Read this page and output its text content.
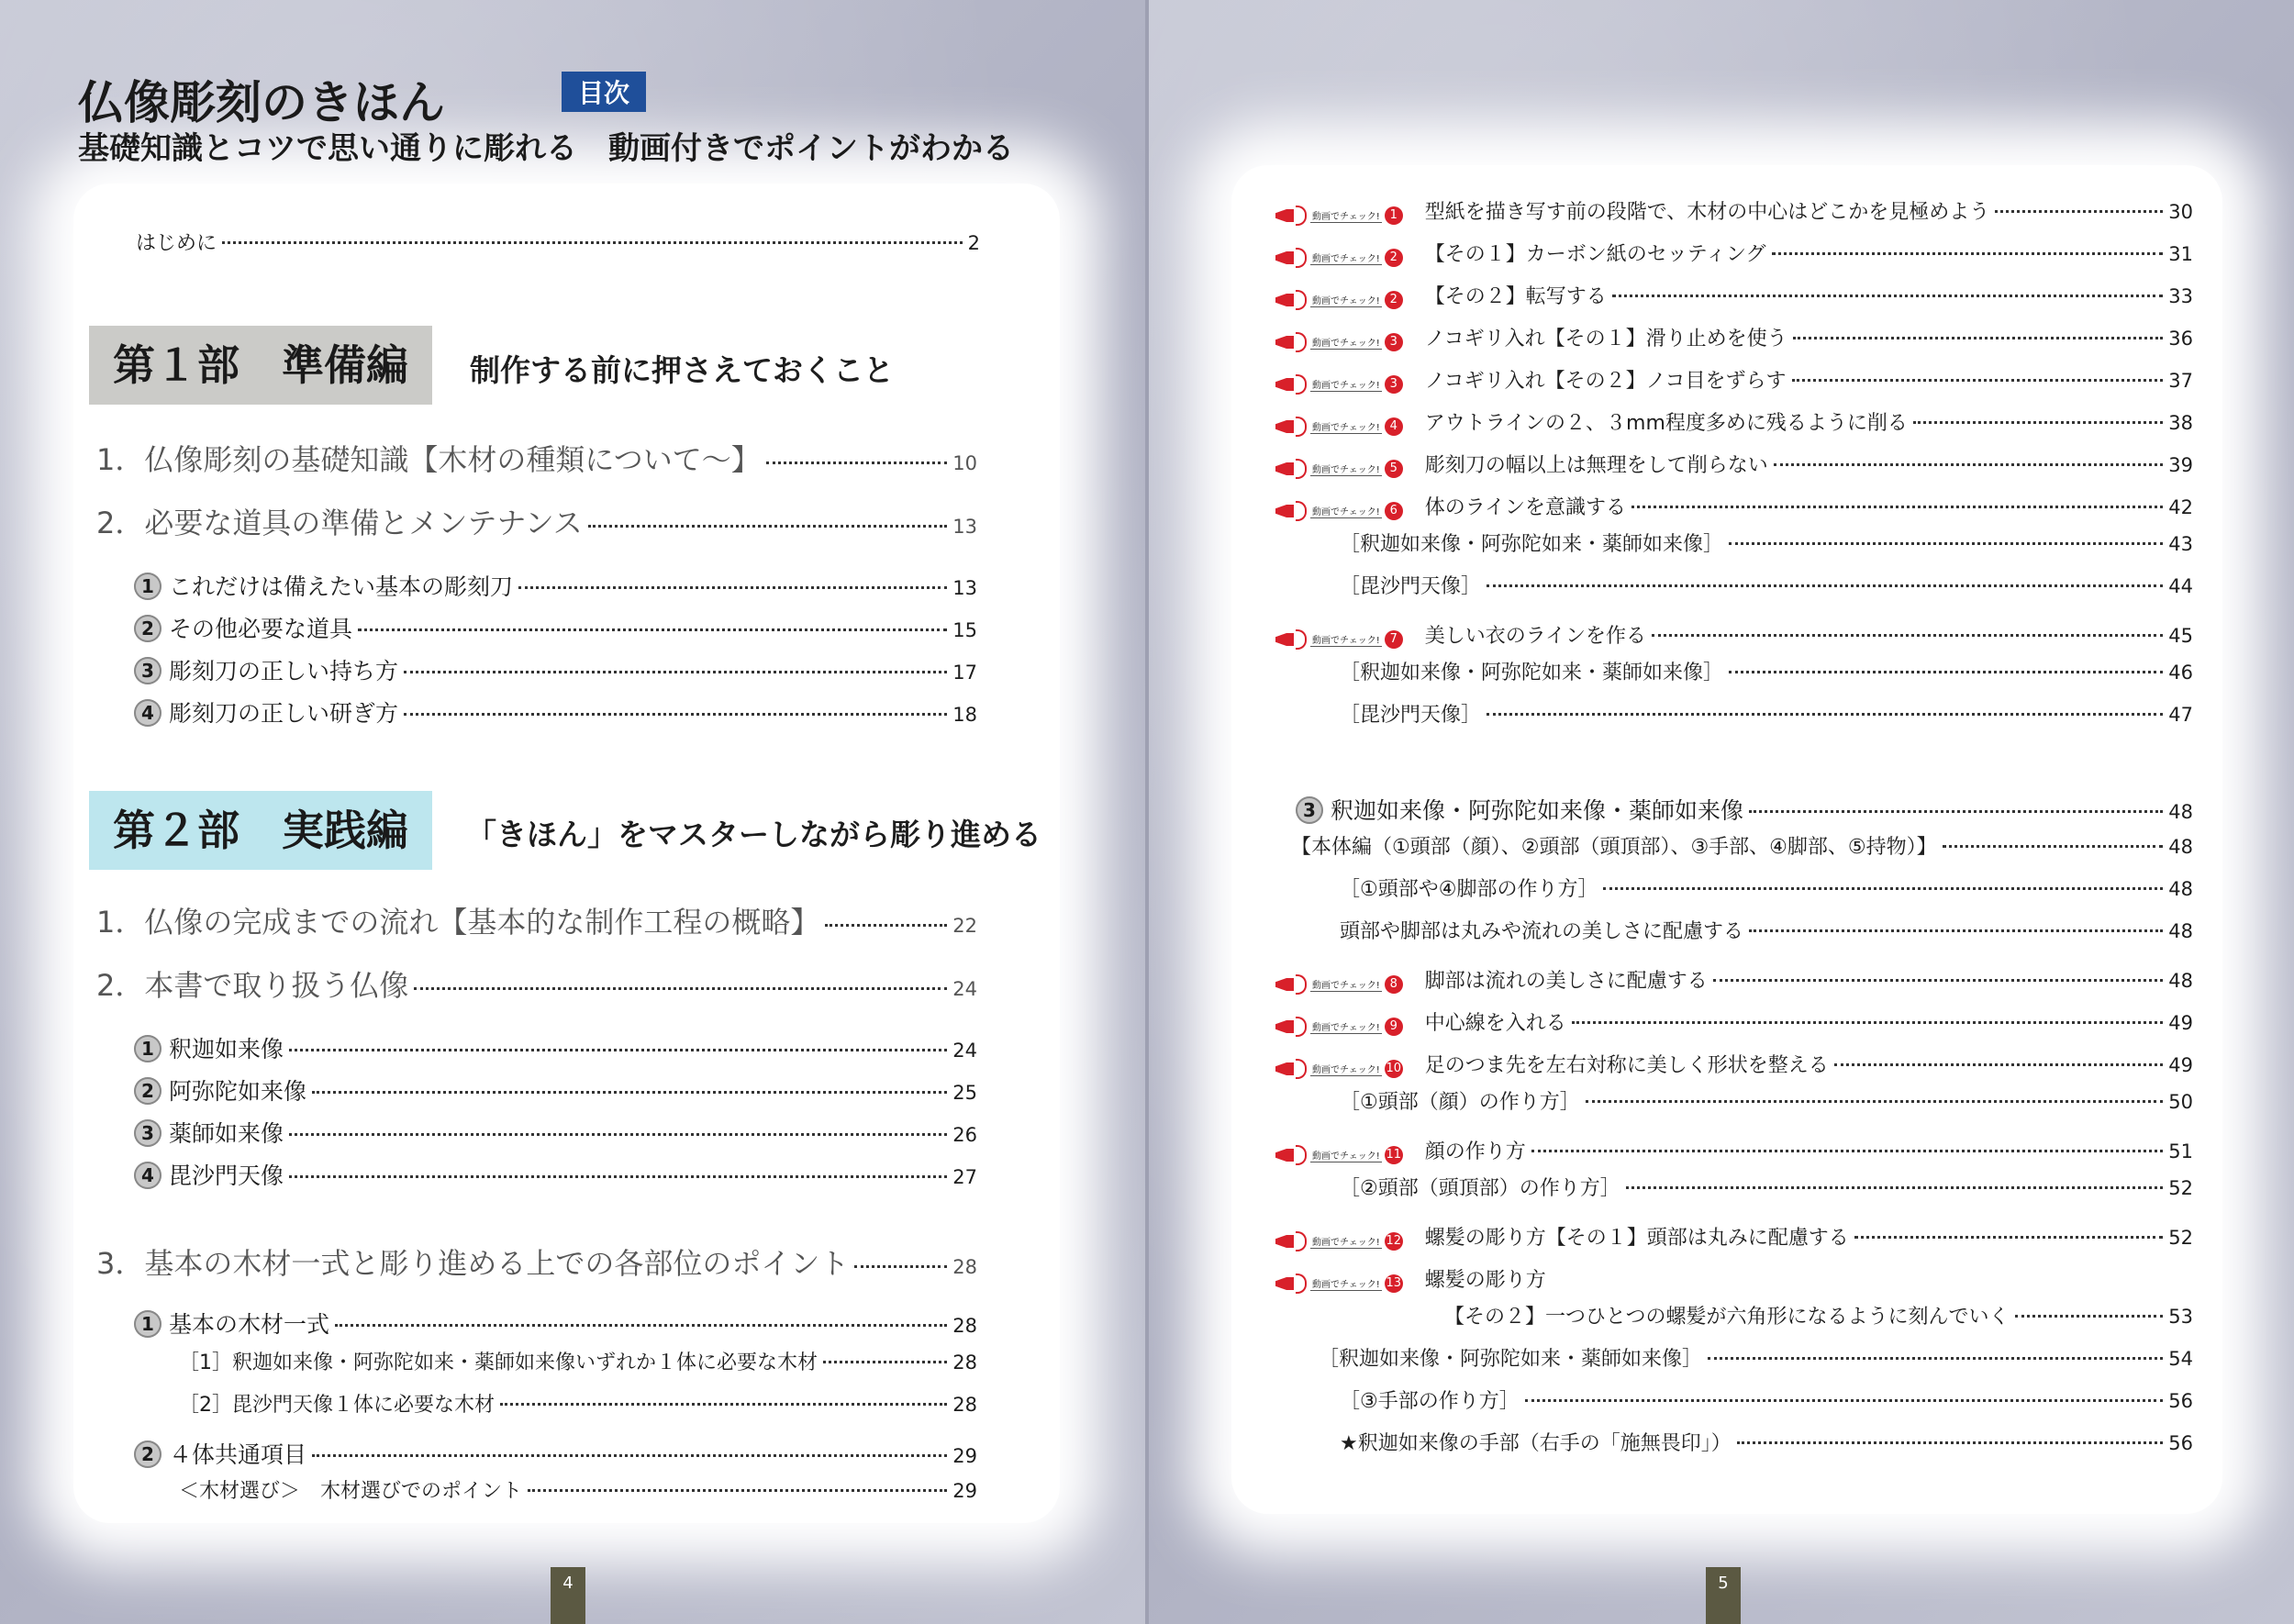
仏像彫刻のきほん	目次
基礎知識とコツで思い通りに彫れる　動画付きでポイントがわかる
はじめに	2
第１部　準備編	制作する前に押さえておくこと
1．仏像彫刻の基礎知識【木材の種類について～】	10
2．必要な道具の準備とメンテナンス	13
1 これだけは備えたい基本の彫刻刀	13
2 その他必要な道具	15
3 彫刻刀の正しい持ち方	17
4 彫刻刀の正しい研ぎ方	18
第２部　実践編	「きほん」をマスターしながら彫り進める
1．仏像の完成までの流れ【基本的な制作工程の概略】	22
2．本書で取り扱う仏像	24
1 釈迦如来像	24
2 阿弥陀如来像	25
3 薬師如来像	26
4 毘沙門天像	27
3．基本の木材一式と彫り進める上での各部位のポイント	28
1 基本の木材一式	28
［1］釈迦如来像・阿弥陀如来・薬師如来像いずれか１体に必要な木材	28
［2］毘沙門天像１体に必要な木材	28
2 ４体共通項目	29
＜木材選び＞　木材選びでのポイント	29
4
動画でチェック! 1 型紙を描き写す前の段階で、木材の中心はどこかを見極めよう	30
動画でチェック! 2 【その１】カーボン紙のセッティング	31
動画でチェック! 2 【その２】転写する	33
動画でチェック! 3 ノコギリ入れ【その１】滑り止めを使う	36
動画でチェック! 3 ノコギリ入れ【その２】ノコ目をずらす	37
動画でチェック! 4 アウトラインの２、３mm程度多めに残るように削る	38
動画でチェック! 5 彫刻刀の幅以上は無理をして削らない	39
動画でチェック! 6 体のラインを意識する	42
［釈迦如来像・阿弥陀如来・薬師如来像］	43
［毘沙門天像］	44
動画でチェック! 7 美しい衣のラインを作る	45
［釈迦如来像・阿弥陀如来・薬師如来像］	46
［毘沙門天像］	47
3 釈迦如来像・阿弥陀如来像・薬師如来像	48
【本体編（①頭部（顔）、②頭部（頭頂部）、③手部、④脚部、⑤持物）】	48
［①頭部や④脚部の作り方］	48
頭部や脚部は丸みや流れの美しさに配慮する	48
動画でチェック! 8 脚部は流れの美しさに配慮する	48
動画でチェック! 9 中心線を入れる	49
動画でチェック! 10 足のつま先を左右対称に美しく形状を整える	49
［①頭部（顔）の作り方］	50
動画でチェック! 11 顔の作り方	51
［②頭部（頭頂部）の作り方］	52
動画でチェック! 12 螺髪の彫り方【その１】頭部は丸みに配慮する	52
動画でチェック! 13 螺髪の彫り方
【その２】一つひとつの螺髪が六角形になるように刻んでいく	53
［釈迦如来像・阿弥陀如来・薬師如来像］	54
［③手部の作り方］	56
★釈迦如来像の手部（右手の「施無畏印」）	56
5
